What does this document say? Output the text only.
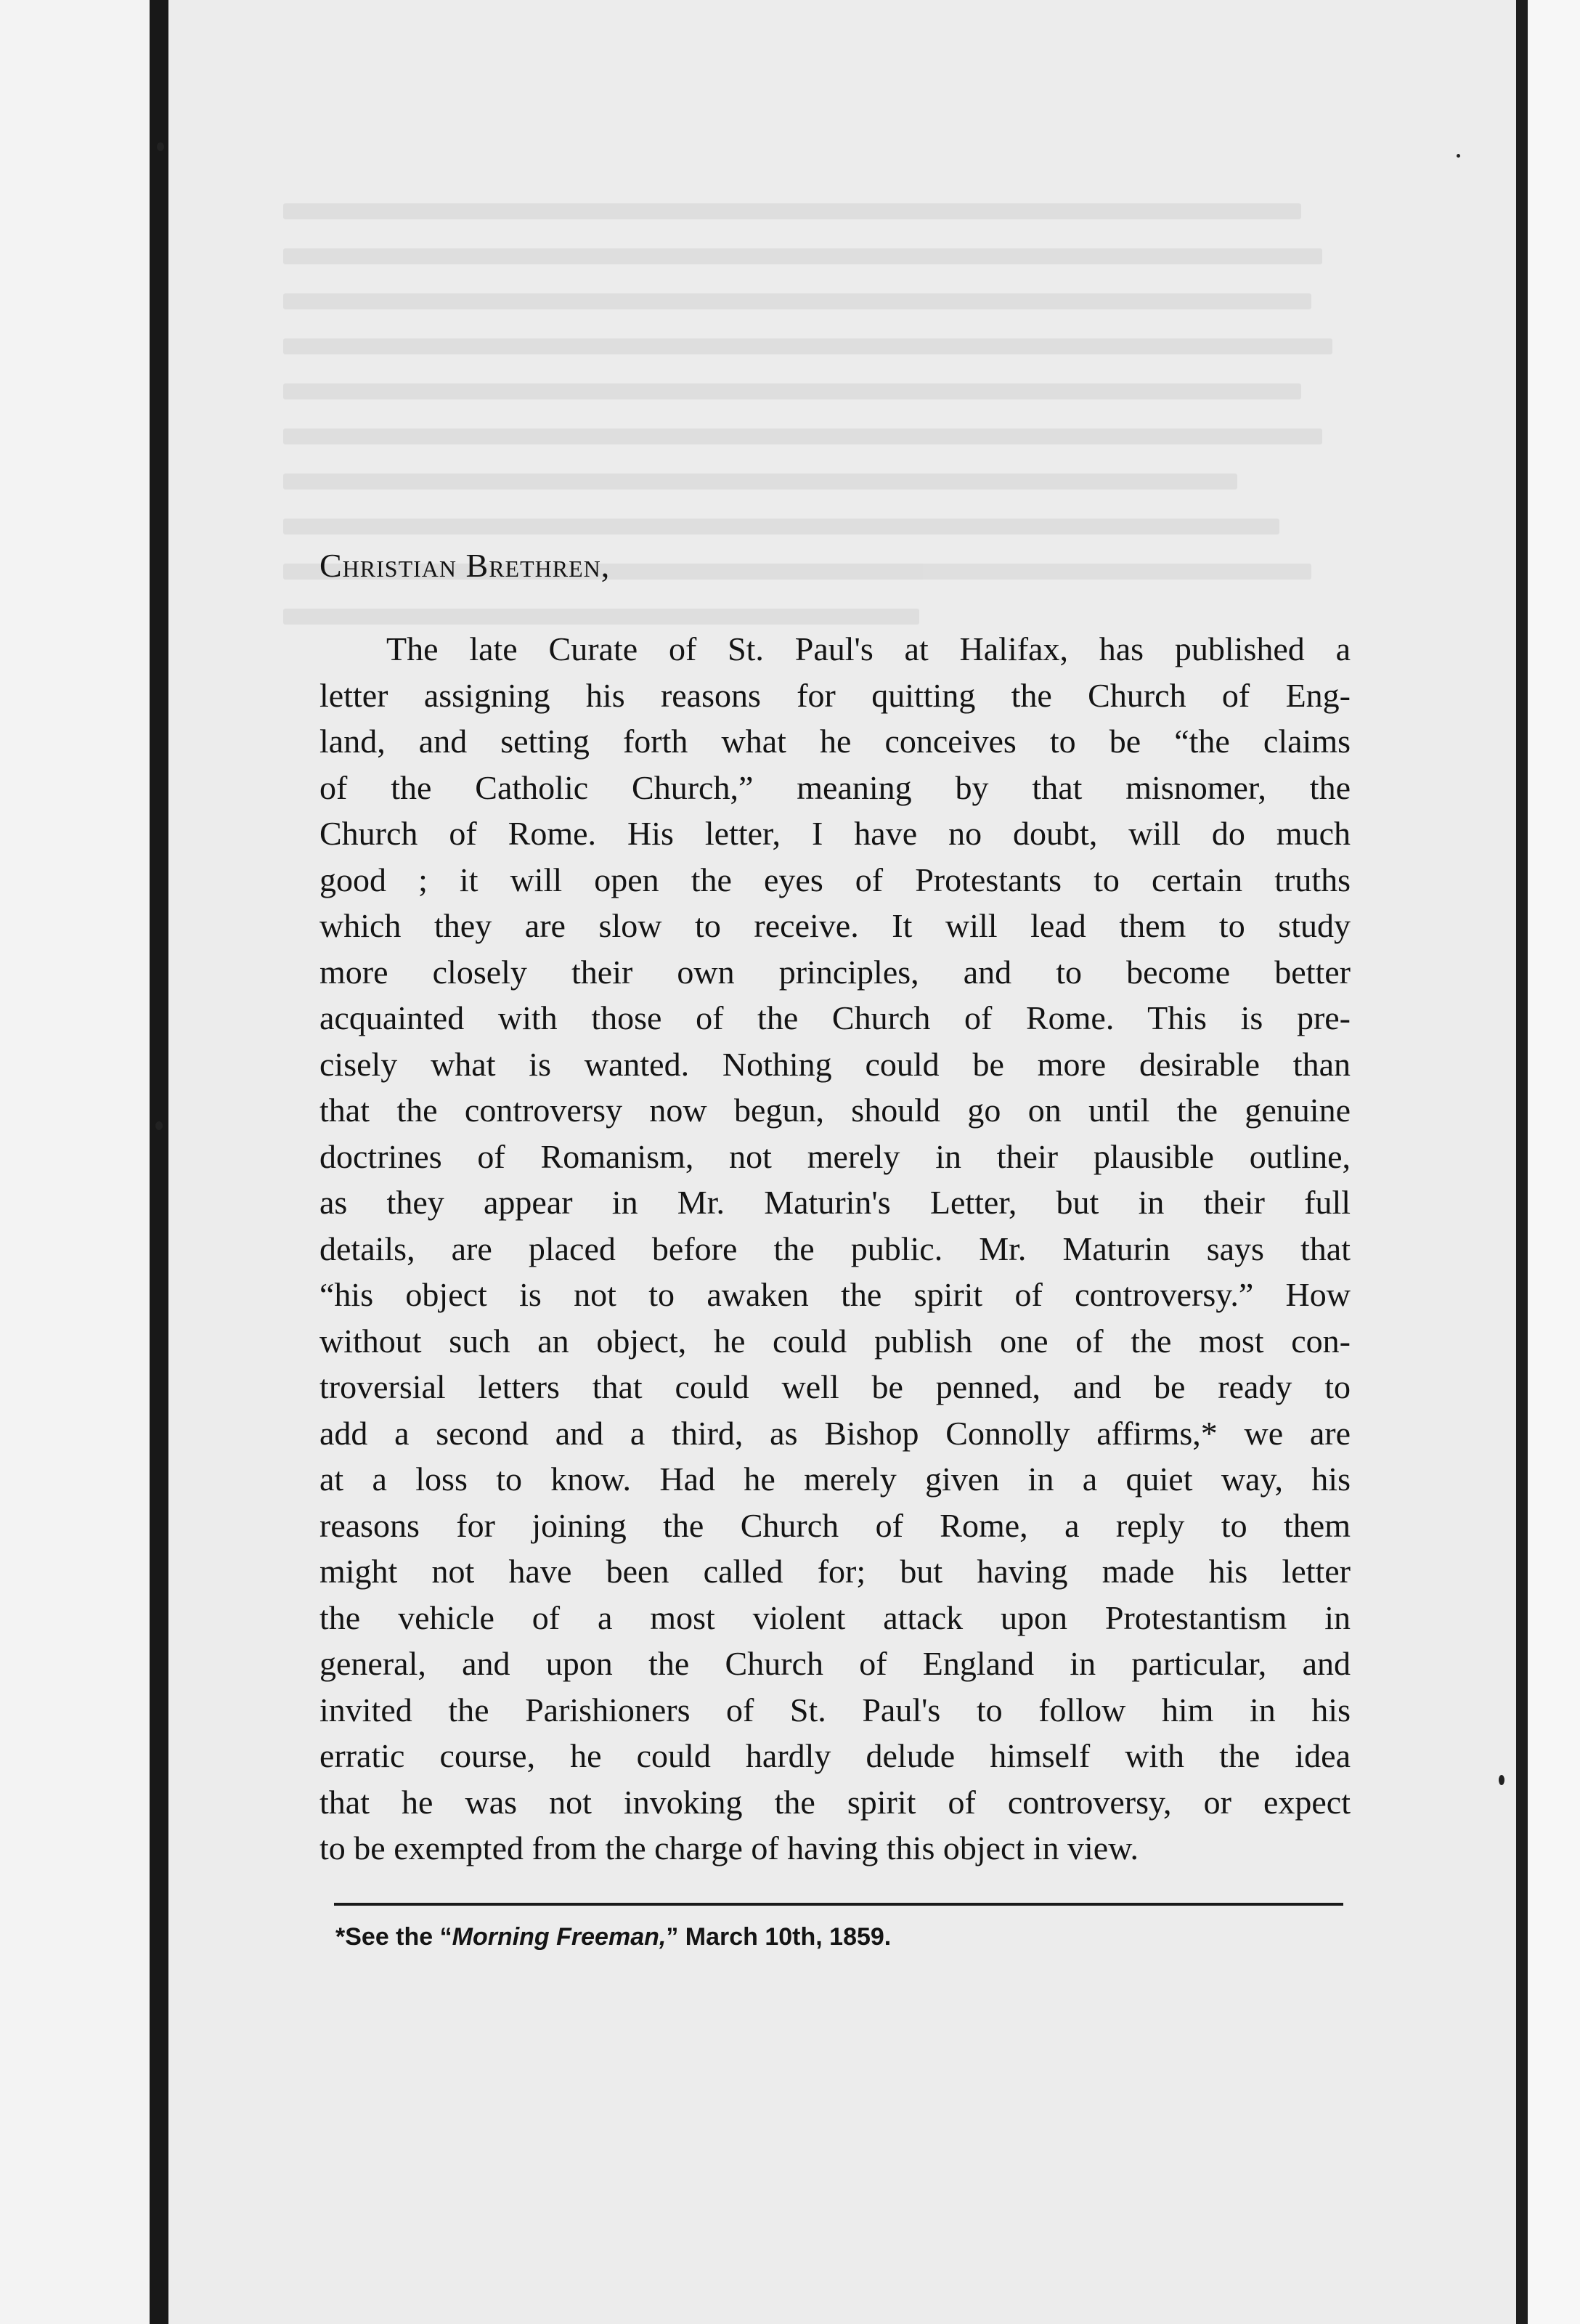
Christian Brethren,
The late Curate of St. Paul's at Halifax, has published a
letter assigning his reasons for quitting the Church of Eng-
land, and setting forth what he conceives to be “the claims
of the Catholic Church,” meaning by that misnomer, the
Church of Rome. His letter, I have no doubt, will do much
good ; it will open the eyes of Protestants to certain truths
which they are slow to receive. It will lead them to study
more closely their own principles, and to become better
acquainted with those of the Church of Rome. This is pre-
cisely what is wanted. Nothing could be more desirable than
that the controversy now begun, should go on until the genuine
doctrines of Romanism, not merely in their plausible outline,
as they appear in Mr. Maturin's Letter, but in their full
details, are placed before the public. Mr. Maturin says that
“his object is not to awaken the spirit of controversy.” How
without such an object, he could publish one of the most con-
troversial letters that could well be penned, and be ready to
add a second and a third, as Bishop Connolly affirms,* we are
at a loss to know. Had he merely given in a quiet way, his
reasons for joining the Church of Rome, a reply to them
might not have been called for; but having made his letter
the vehicle of a most violent attack upon Protestantism in
general, and upon the Church of England in particular, and
invited the Parishioners of St. Paul's to follow him in his
erratic course, he could hardly delude himself with the idea
that he was not invoking the spirit of controversy, or expect
to be exempted from the charge of having this object in view.
*See the “Morning Freeman,” March 10th, 1859.
